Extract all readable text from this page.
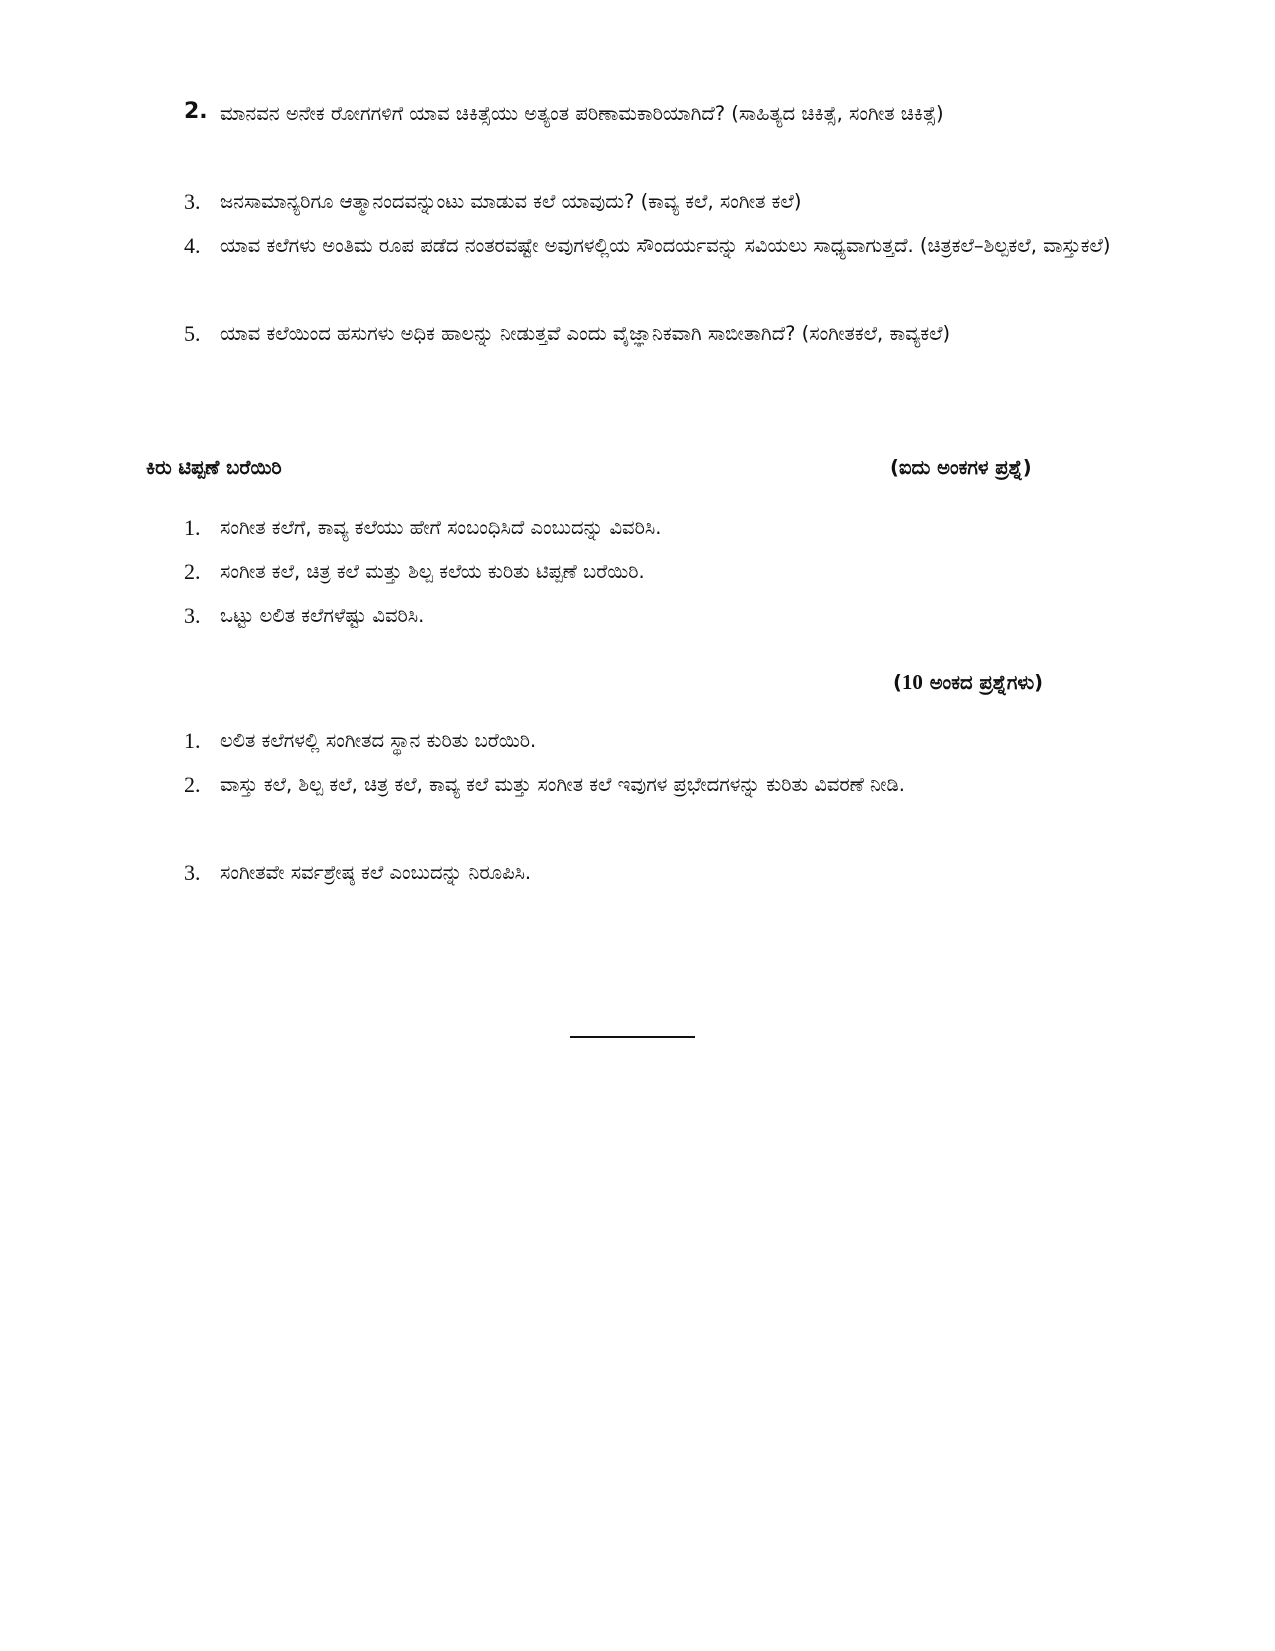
2. ಮಾನವನ ಅನೇಕ ರೋಗಗಳಿಗೆ ಯಾವ ಚಿಕಿತ್ಸೆಯು ಅತ್ಯಂತ ಪರಿಣಾಮಕಾರಿಯಾಗಿದೆ? (ಸಾಹಿತ್ಯದ ಚಿಕಿತ್ಸೆ, ಸಂಗೀತ ಚಿಕಿತ್ಸೆ)
3.	ಜನಸಾಮಾನ್ಯರಿಗೂ ಆತ್ಮಾನಂದವನ್ನುಂಟು ಮಾಡುವ ಕಲೆ ಯಾವುದು? (ಕಾವ್ಯ ಕಲೆ, ಸಂಗೀತ ಕಲೆ)
4.	ಯಾವ ಕಲೆಗಳು ಅಂತಿಮ ರೂಪ ಪಡೆದ ನಂತರವಷ್ಟೇ ಅವುಗಳಲ್ಲಿಯ ಸೌಂದರ್ಯವನ್ನು ಸವಿಯಲು ಸಾಧ್ಯವಾಗುತ್ತದೆ. (ಚಿತ್ರಕಲೆ–ಶಿಲ್ಪಕಲೆ, ವಾಸ್ತುಕಲೆ)
5.	ಯಾವ ಕಲೆಯಿಂದ ಹಸುಗಳು ಅಧಿಕ ಹಾಲನ್ನು ನೀಡುತ್ತವೆ ಎಂದು ವೈಜ್ಞಾನಿಕವಾಗಿ ಸಾಬೀತಾಗಿದೆ? (ಸಂಗೀತಕಲೆ, ಕಾವ್ಯಕಲೆ)
ಕಿರು ಟಿಪ್ಪಣೆ ಬರೆಯಿರಿ	(ಐದು ಅಂಕಗಳ ಪ್ರಶ್ನೆ)
1.	ಸಂಗೀತ ಕಲೆಗೆ, ಕಾವ್ಯ ಕಲೆಯು ಹೇಗೆ ಸಂಬಂಧಿಸಿದೆ ಎಂಬುದನ್ನು ವಿವರಿಸಿ.
2.	ಸಂಗೀತ ಕಲೆ, ಚಿತ್ರ ಕಲೆ ಮತ್ತು ಶಿಲ್ಪ ಕಲೆಯ ಕುರಿತು ಟಿಪ್ಪಣೆ ಬರೆಯಿರಿ.
3.	ಒಟ್ಟು ಲಲಿತ ಕಲೆಗಳೆಷ್ಟು ವಿವರಿಸಿ.
(10 ಅಂಕದ ಪ್ರಶ್ನೆಗಳು)
1.	ಲಲಿತ ಕಲೆಗಳಲ್ಲಿ ಸಂಗೀತದ ಸ್ಥಾನ ಕುರಿತು ಬರೆಯಿರಿ.
2.	ವಾಸ್ತು ಕಲೆ, ಶಿಲ್ಪ ಕಲೆ, ಚಿತ್ರ ಕಲೆ, ಕಾವ್ಯ ಕಲೆ ಮತ್ತು ಸಂಗೀತ ಕಲೆ ಇವುಗಳ ಪ್ರಭೇದಗಳನ್ನು ಕುರಿತು ವಿವರಣೆ ನೀಡಿ.
3.	ಸಂಗೀತವೇ ಸರ್ವಶ್ರೇಷ್ಠ ಕಲೆ ಎಂಬುದನ್ನು ನಿರೂಪಿಸಿ.
